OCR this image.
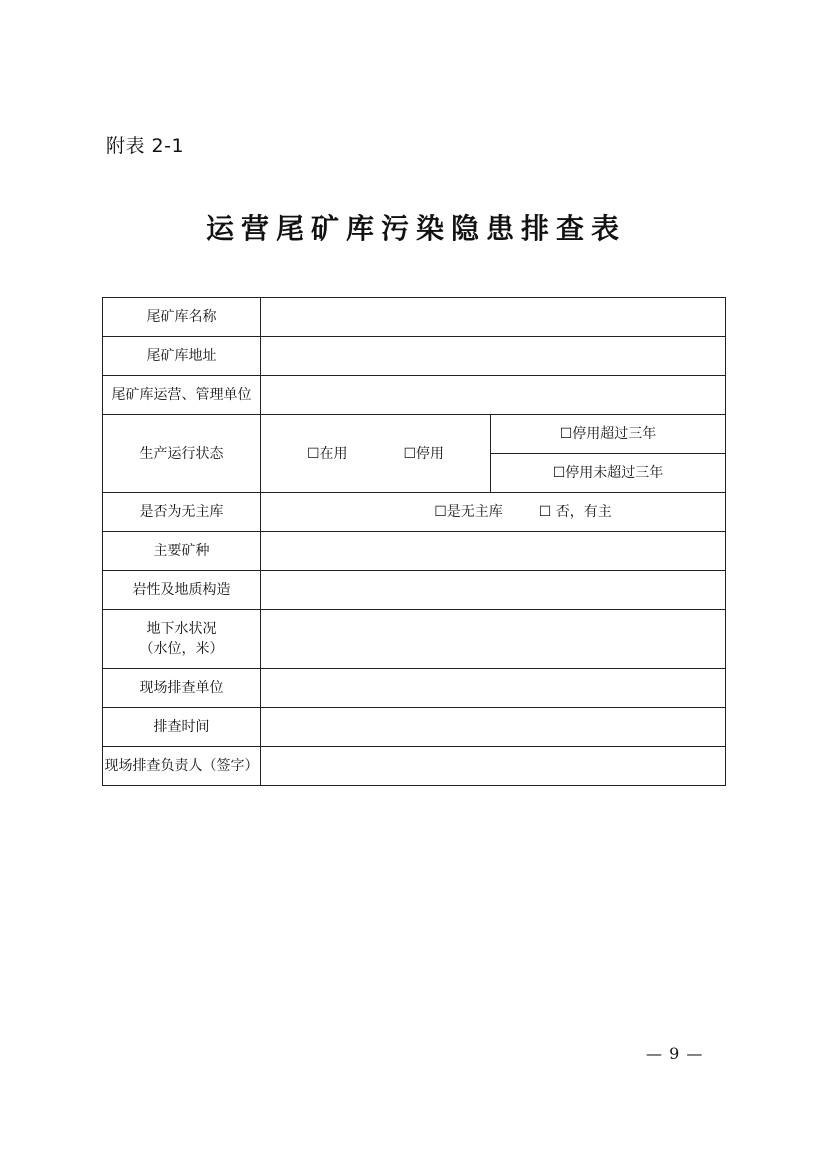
附表 2-1
运营尾矿库污染隐患排查表
尾矿库名称		
尾矿库地址		
尾矿库运营、管理单位		
生产运行状态	☐在用 ☐停用	☐停用超过三年
		☐停用未超过三年
是否为无主库	☐是无主库 ☐ 否，有主	
主要矿种		
岩性及地质构造		

地下水状况
（水位，米）		

现场排查单位		
排查时间		
现场排查负责人（签字）		
— 9 —
